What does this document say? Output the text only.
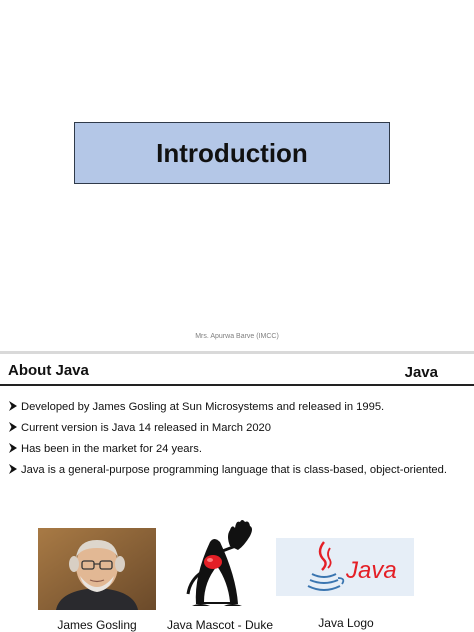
Introduction
Mrs. Apurwa Barve (IMCC)
About Java	Java
Developed by James Gosling at Sun Microsystems and released in 1995.
Current version is Java 14 released in March 2020
Has been in the market for 24 years.
Java is a general-purpose programming language that is class-based, object-oriented.
James Gosling	Java Mascot - Duke
Java
Java Logo
